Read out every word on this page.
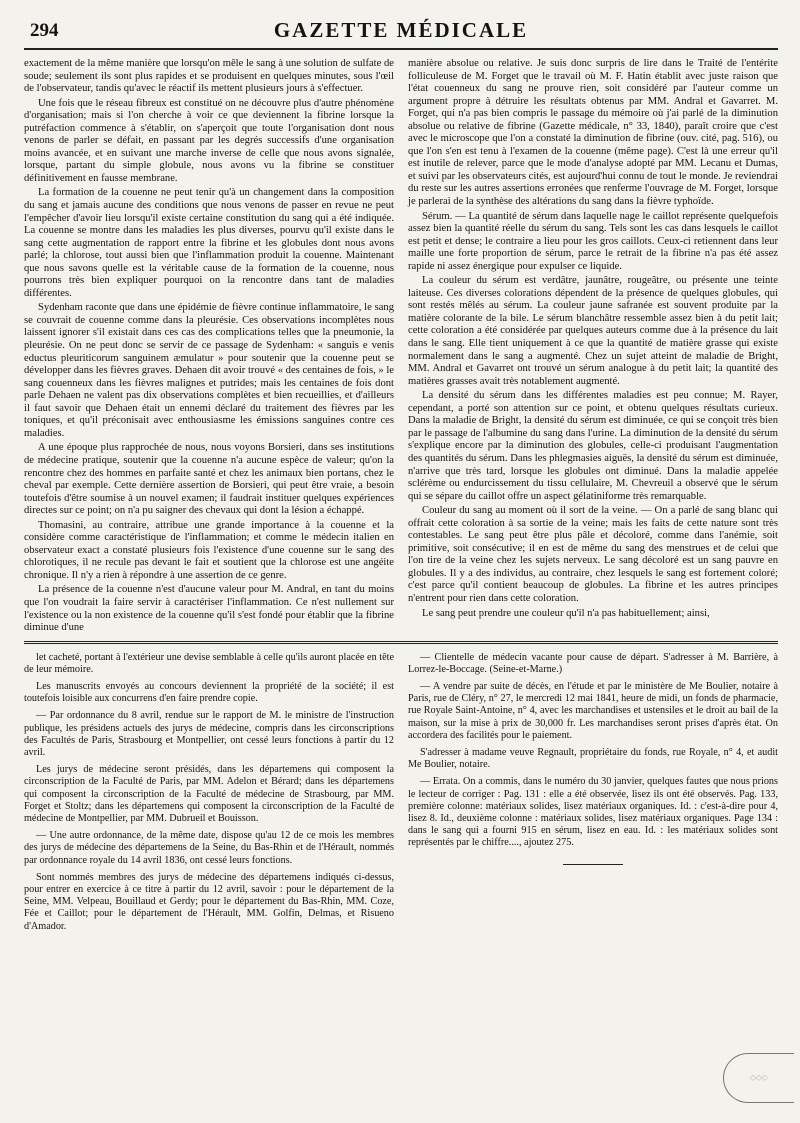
294	GAZETTE MÉDICALE

exactement de la même manière que lorsqu'on mêle le sang à une solution de sulfate de soude; seulement ils sont plus rapides et se produisent en quelques minutes, sous l'œil de l'observateur, tandis qu'avec le réactif ils mettent plusieurs jours à s'effectuer.

Une fois que le réseau fibreux est constitué on ne découvre plus d'autre phénomène d'organisation; mais si l'on cherche à voir ce que deviennent la fibrine lorsque la putréfaction commence à s'établir, on s'aperçoit que toute l'organisation dont nous venons de parler se défait, en passant par les degrés successifs d'une organisation moins avancée, et en suivant une marche inverse de celle que nous avons signalée, lorsque, partant du simple globule, nous avons vu la fibrine se constituer définitivement en fausse membrane.

La formation de la couenne ne peut tenir qu'à un changement dans la composition du sang et jamais aucune des conditions que nous venons de passer en revue ne peut l'empêcher d'avoir lieu lorsqu'il existe certaine constitution du sang qui a été indiquée. La couenne se montre dans les maladies les plus diverses, pourvu qu'il existe dans le sang cette augmentation de rapport entre la fibrine et les globules dont nous avons parlé; la chlorose, tout aussi bien que l'inflammation produit la couenne. Maintenant que nous savons quelle est la véritable cause de la formation de la couenne, nous pourrons très bien expliquer pourquoi on la rencontre dans tant de maladies différentes.

Sydenham raconte que dans une épidémie de fièvre continue inflammatoire, le sang se couvrait de couenne comme dans la pleurésie. Ces observations incomplètes nous laissent ignorer s'il existait dans ces cas des complications telles que la pneumonie, la pleurésie. On ne peut donc se servir de ce passage de Sydenham: « sanguis e venis eductus pleuriticorum sanguinem æmulatur » pour soutenir que la couenne peut se développer dans les fièvres graves. Dehaen dit avoir trouvé « des centaines de fois, » le sang couenneux dans les fièvres malignes et putrides; mais les centaines de fois dont parle Dehaen ne valent pas dix observations complètes et bien recueillies, et d'ailleurs il faut savoir que Dehaen était un ennemi déclaré du traitement des fièvres par les toniques, et qu'il préconisait avec enthousiasme les émissions sanguines contre ces maladies.

A une époque plus rapprochée de nous, nous voyons Borsieri, dans ses institutions de médecine pratique, soutenir que la couenne n'a aucune espèce de valeur; qu'on la rencontre chez des hommes en parfaite santé et chez les animaux bien portans, chez le cheval par exemple. Cette dernière assertion de Borsieri, qui peut être vraie, a besoin toutefois d'être soumise à un nouvel examen; il faudrait instituer quelques expériences directes sur ce point; on n'a pu saigner des chevaux qui dont la lésion a échappé.

Thomasini, au contraire, attribue une grande importance à la couenne et la considère comme caractéristique de l'inflammation; et comme le médecin italien en observateur exact a constaté plusieurs fois l'existence d'une couenne sur le sang des chlorotiques, il ne recule pas devant le fait et soutient que la chlorose est une angéite chronique. Il n'y a rien à répondre à une assertion de ce genre.

La présence de la couenne n'est d'aucune valeur pour M. Andral, en tant du moins que l'on voudrait la faire servir à caractériser l'inflammation. Ce n'est nullement sur l'existence ou la non existence de la couenne qu'il s'est fondé pour établir que la fibrine diminue d'une

manière absolue ou relative. Je suis donc surpris de lire dans le Traité de l'entérite folliculeuse de M. Forget que le travail où M. F. Hatin établit avec juste raison que l'état couenneux du sang ne prouve rien, soit considéré par l'auteur comme un argument propre à détruire les résultats obtenus par MM. Andral et Gavarret. M. Forget, qui n'a pas bien compris le passage du mémoire où j'ai parlé de la diminution absolue ou relative de fibrine (Gazette médicale, n° 33, 1840), paraît croire que c'est avec le microscope que l'on a constaté la diminution de fibrine (ouv. cité, pag. 516), ou que l'on s'en est tenu à l'examen de la couenne (même page). C'est là une erreur qu'il est inutile de relever, parce que le mode d'analyse adopté par MM. Lecanu et Dumas, et suivi par les observateurs cités, est aujourd'hui connu de tout le monde. Je reviendrai du reste sur les autres assertions erronées que renferme l'ouvrage de M. Forget, lorsque je parlerai de la synthèse des altérations du sang dans la fièvre typhoïde.

Sérum. — La quantité de sérum dans laquelle nage le caillot représente quelquefois assez bien la quantité réelle du sérum du sang. Tels sont les cas dans lesquels le caillot est petit et dense; le contraire a lieu pour les gros caillots. Ceux-ci retiennent dans leur maille une forte proportion de sérum, parce le retrait de la fibrine n'a pas été assez rapide ni assez énergique pour expulser ce liquide.

La couleur du sérum est verdâtre, jaunâtre, rougeâtre, ou présente une teinte laiteuse. Ces diverses colorations dépendent de la présence de quelques globules, qui sont restés mêlés au sérum. La couleur jaune safranée est souvent produite par la matière colorante de la bile. Le sérum blanchâtre ressemble assez bien à du petit lait; cette coloration a été considérée par quelques auteurs comme due à la présence du lait dans le sang. Elle tient uniquement à ce que la quantité de matière grasse qui existe normalement dans le sang a augmenté. Chez un sujet atteint de maladie de Bright, MM. Andral et Gavarret ont trouvé un sérum analogue à du petit lait; la quantité des matières grasses avait très notablement augmenté.

La densité du sérum dans les différentes maladies est peu connue; M. Rayer, cependant, a porté son attention sur ce point, et obtenu quelques résultats curieux. Dans la maladie de Bright, la densité du sérum est diminuée, ce qui se conçoit très bien par le passage de l'albumine du sang dans l'urine. La diminution de la densité du sérum s'explique encore par la diminution des globules, celle-ci produisant l'augmentation des quantités du sérum. Dans les phlegmasies aiguës, la densité du sérum est diminuée, n'arrive que très tard, lorsque les globules ont diminué. Dans la maladie appelée sclérème ou endurcissement du tissu cellulaire, M. Chevreuil a observé que le sérum qui se sépare du caillot offre un aspect gélatiniforme très remarquable.

Couleur du sang au moment où il sort de la veine. — On a parlé de sang blanc qui offrait cette coloration à sa sortie de la veine; mais les faits de cette nature sont très contestables. Le sang peut être plus pâle et décoloré, comme dans l'anémie, soit primitive, soit consécutive; il en est de même du sang des menstrues et de celui que l'on tire de la veine chez les sujets nerveux. Le sang décoloré est un sang pauvre en globules. Il y a des individus, au contraire, chez lesquels le sang est fortement coloré; c'est parce qu'il contient beaucoup de globules. La fibrine et les autres principes n'entrent pour rien dans cette coloration.

Le sang peut prendre une couleur qu'il n'a pas habituellement; ainsi,

let cacheté, portant à l'extérieur une devise semblable à celle qu'ils auront placée en tête de leur mémoire.

Les manuscrits envoyés au concours deviennent la propriété de la société; il est toutefois loisible aux concurrens d'en faire prendre copie.

— Par ordonnance du 8 avril, rendue sur le rapport de M. le ministre de l'instruction publique, les présidens actuels des jurys de médecine, compris dans les circonscriptions des Facultés de Paris, Strasbourg et Montpellier, ont cessé leurs fonctions à partir du 12 avril.

Les jurys de médecine seront présidés, dans les départemens qui composent la circonscription de la Faculté de Paris, par MM. Adelon et Bérard; dans les départemens qui composent la circonscription de la Faculté de médecine de Strasbourg, par MM. Forget et Stoltz; dans les départemens qui composent la circonscription de la Faculté de médecine de Montpellier, par MM. Dubrueil et Bouisson.

— Une autre ordonnance, de la même date, dispose qu'au 12 de ce mois les membres des jurys de médecine des départemens de la Seine, du Bas-Rhin et de l'Hérault, nommés par ordonnance royale du 14 avril 1836, ont cessé leurs fonctions.

Sont nommés membres des jurys de médecine des départemens indiqués ci-dessus, pour entrer en exercice à ce titre à partir du 12 avril, savoir : pour le département de la Seine, MM. Velpeau, Bouillaud et Gerdy; pour le département du Bas-Rhin, MM. Coze, Fée et Caillot; pour le département de l'Hérault, MM. Golfin, Delmas, et Risueno d'Amador.

— Clientelle de médecin vacante pour cause de départ. S'adresser à M. Barrière, à Lorrez-le-Boccage. (Seine-et-Marne.)

— A vendre par suite de décès, en l'étude et par le ministère de Me Boulier, notaire à Paris, rue de Cléry, n° 27, le mercredi 12 mai 1841, heure de midi, un fonds de pharmacie, rue Royale Saint-Antoine, n° 4, avec les marchandises et ustensiles et le droit au bail de la maison, sur la mise à prix de 30,000 fr. Les marchandises seront prises d'après état. On accordera des facilités pour le paiement.

S'adresser à madame veuve Regnault, propriétaire du fonds, rue Royale, n° 4, et audit Me Boulier, notaire.

— Errata. On a commis, dans le numéro du 30 janvier, quelques fautes que nous prions le lecteur de corriger : Pag. 131 : elle a été observée, lisez ils ont été observés. Pag. 133, première colonne: matériaux solides, lisez matériaux organiques. Id. : c'est-à-dire pour 4, lisez 8. Id., deuxième colonne : matériaux solides, lisez matériaux organiques. Page 134 : dans le sang qui a fourni 915 en sérum, lisez en eau. Id. : les matériaux solides sont représentés par le chiffre...., ajoutez 275.

◌◌◌
